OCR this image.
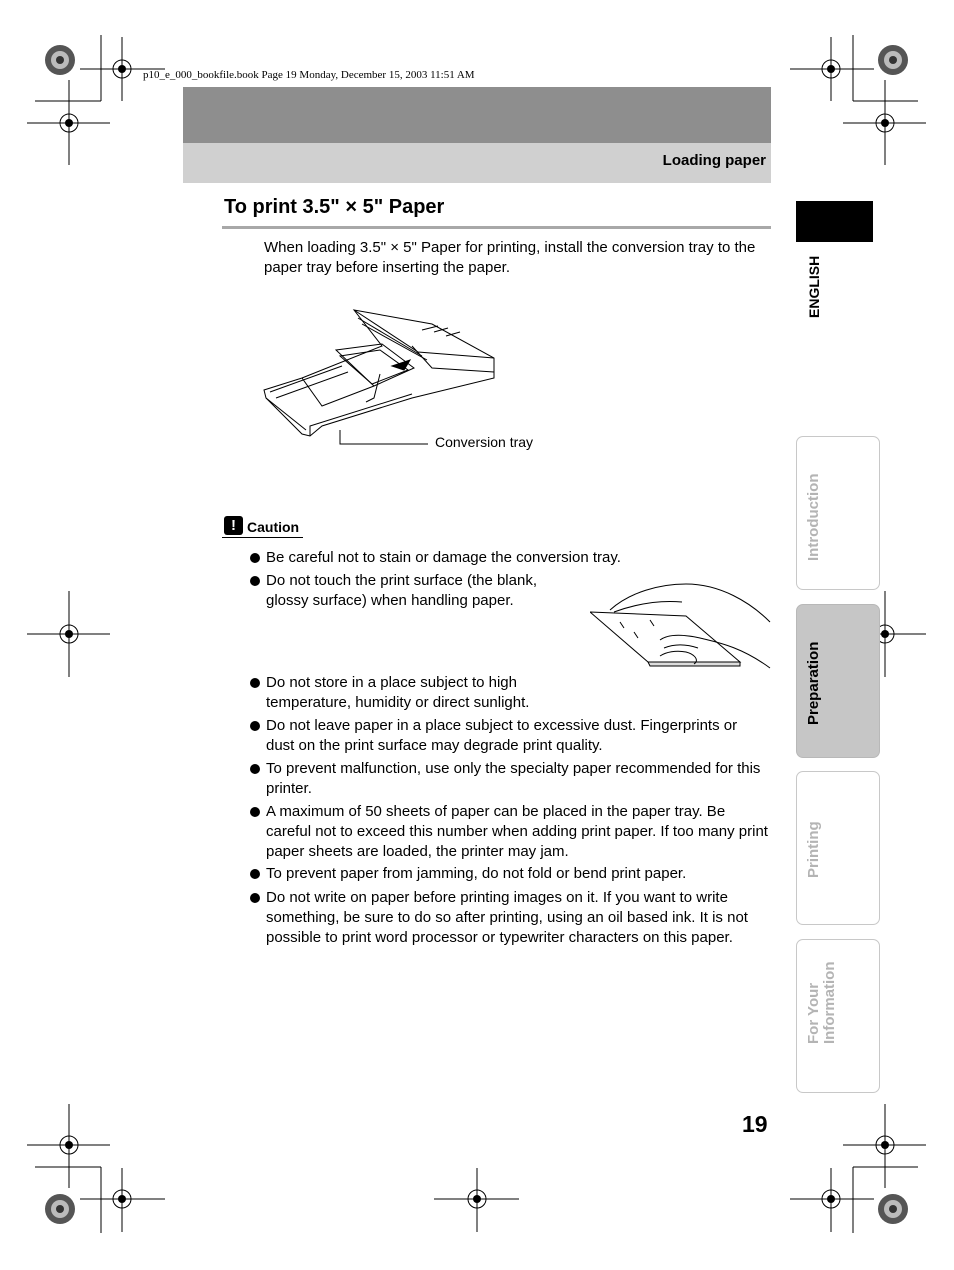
p10_e_000_bookfile.book Page 19 Monday, December 15, 2003 11:51 AM
Loading paper
To print 3.5" × 5" Paper
When loading 3.5" × 5" Paper for printing, install the conversion tray to the paper tray before inserting the paper.
Conversion tray
! Caution
Be careful not to stain or damage the conversion tray.
Do not touch the print surface (the blank,
glossy surface) when handling paper.
Do not store in a place subject to high
temperature, humidity or direct sunlight.
Do not leave paper in a place subject to excessive dust. Fingerprints or
dust on the print surface may degrade print quality.
To prevent malfunction, use only the specialty paper recommended for this
printer.
A maximum of 50 sheets of paper can be placed in the paper tray. Be
careful not to exceed this number when adding print paper. If too many print
paper sheets are loaded, the printer may jam.
To prevent paper from jamming, do not fold or bend print paper.
Do not write on paper before printing images on it. If you want to write
something, be sure to do so after printing, using an oil based ink. It is not
possible to print word processor or typewriter characters on this paper.
ENGLISH
Introduction
Preparation
Printing
For Your Information
19
